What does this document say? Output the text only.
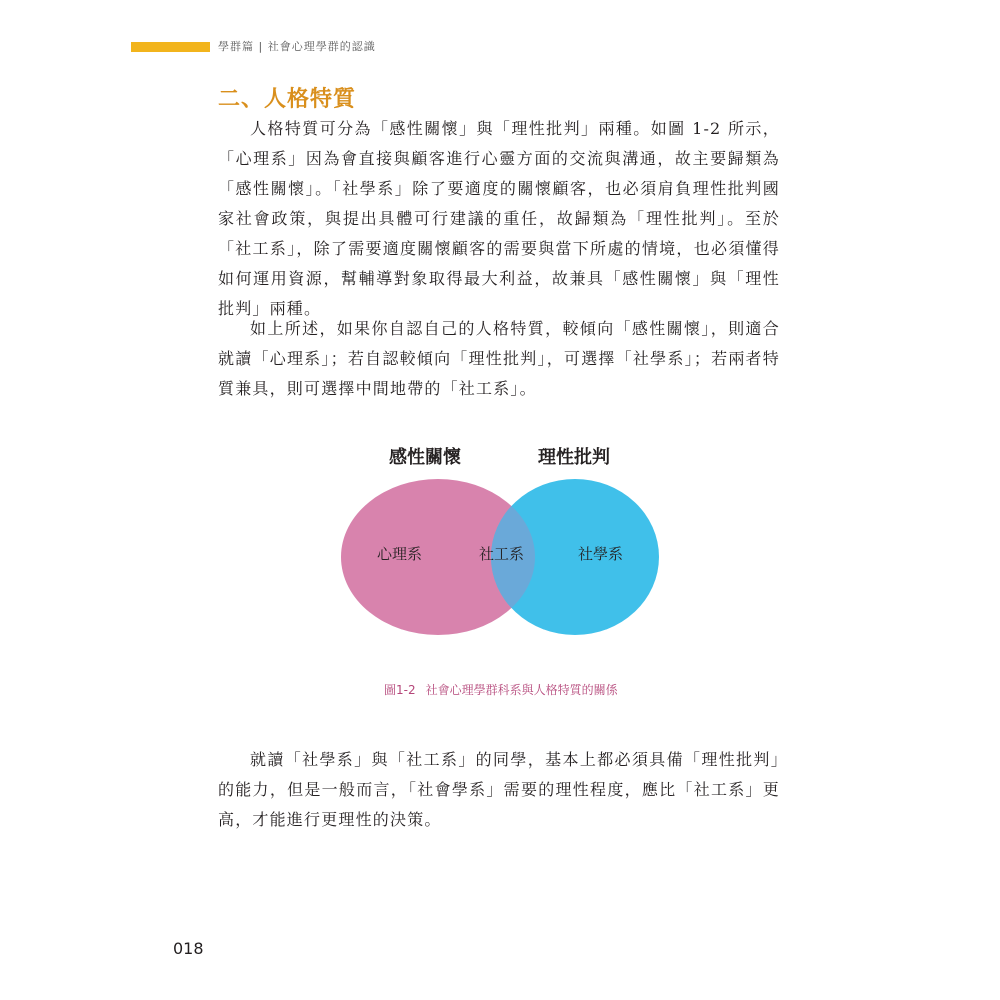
學群篇 | 社會心理學群的認識
二、人格特質

人格特質可分為「感性關懷」與「理性批判」兩種。如圖 1-2 所示，「心理系」因為會直接與顧客進行心靈方面的交流與溝通，故主要歸類為「感性關懷」。「社學系」除了要適度的關懷顧客，也必須肩負理性批判國家社會政策，與提出具體可行建議的重任，故歸類為「理性批判」。至於「社工系」，除了需要適度關懷顧客的需要與當下所處的情境，也必須懂得如何運用資源，幫輔導對象取得最大利益，故兼具「感性關懷」與「理性批判」兩種。

如上所述，如果你自認自己的人格特質，較傾向「感性關懷」，則適合就讀「心理系」；若自認較傾向「理性批判」，可選擇「社學系」；若兩者特質兼具，則可選擇中間地帶的「社工系」。

感性關懷	理性批判
心理系	社工系	社學系
圖1-2 社會心理學群科系與人格特質的關係

就讀「社學系」與「社工系」的同學，基本上都必須具備「理性批判」的能力，但是一般而言，「社會學系」需要的理性程度，應比「社工系」更高，才能進行更理性的決策。

018
